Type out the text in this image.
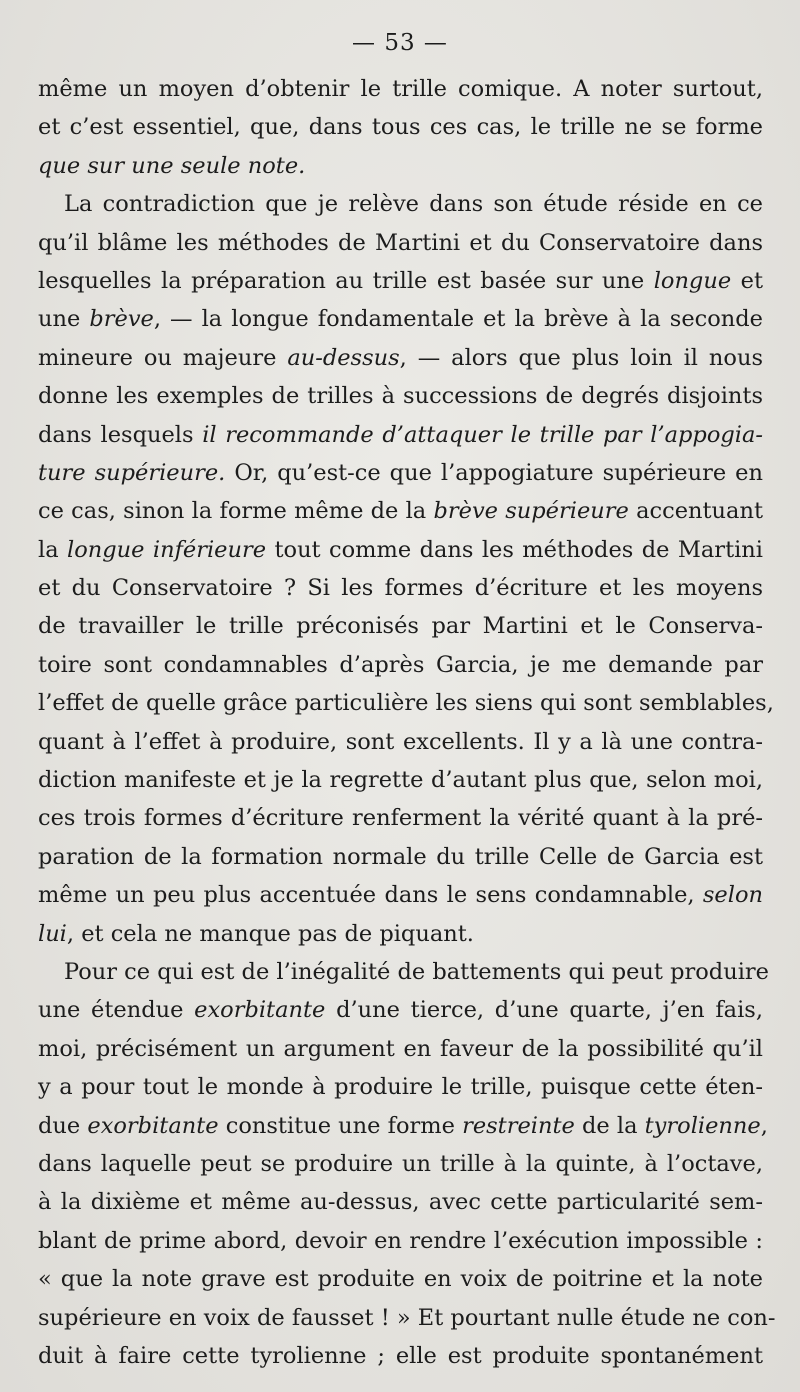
— 53 —
même un moyen d’obtenir le trille comique. A noter surtout,
et c’est essentiel, que, dans tous ces cas, le trille ne se forme
que sur une seule note.
La contradiction que je relève dans son étude réside en ce
qu’il blâme les méthodes de Martini et du Conservatoire dans
lesquelles la préparation au trille est basée sur une longue et
une brève, — la longue fondamentale et la brève à la seconde
mineure ou majeure au-dessus, — alors que plus loin il nous
donne les exemples de trilles à successions de degrés disjoints
dans lesquels il recommande d’attaquer le trille par l’appogia-
ture supérieure. Or, qu’est-ce que l’appogiature supérieure en
ce cas, sinon la forme même de la brève supérieure accentuant
la longue inférieure tout comme dans les méthodes de Martini
et du Conservatoire ? Si les formes d’écriture et les moyens
de travailler le trille préconisés par Martini et le Conserva-
toire sont condamnables d’après Garcia, je me demande par
l’effet de quelle grâce particulière les siens qui sont semblables,
quant à l’effet à produire, sont excellents. Il y a là une contra-
diction manifeste et je la regrette d’autant plus que, selon moi,
ces trois formes d’écriture renferment la vérité quant à la pré-
paration de la formation normale du trille Celle de Garcia est
même un peu plus accentuée dans le sens condamnable, selon
lui, et cela ne manque pas de piquant.
Pour ce qui est de l’inégalité de battements qui peut produire
une étendue exorbitante d’une tierce, d’une quarte, j’en fais,
moi, précisément un argument en faveur de la possibilité qu’il
y a pour tout le monde à produire le trille, puisque cette éten-
due exorbitante constitue une forme restreinte de la tyrolienne,
dans laquelle peut se produire un trille à la quinte, à l’octave,
à la dixième et même au-dessus, avec cette particularité sem-
blant de prime abord, devoir en rendre l’exécution impossible :
« que la note grave est produite en voix de poitrine et la note
supérieure en voix de fausset ! » Et pourtant nulle étude ne con-
duit à faire cette tyrolienne ; elle est produite spontanément
